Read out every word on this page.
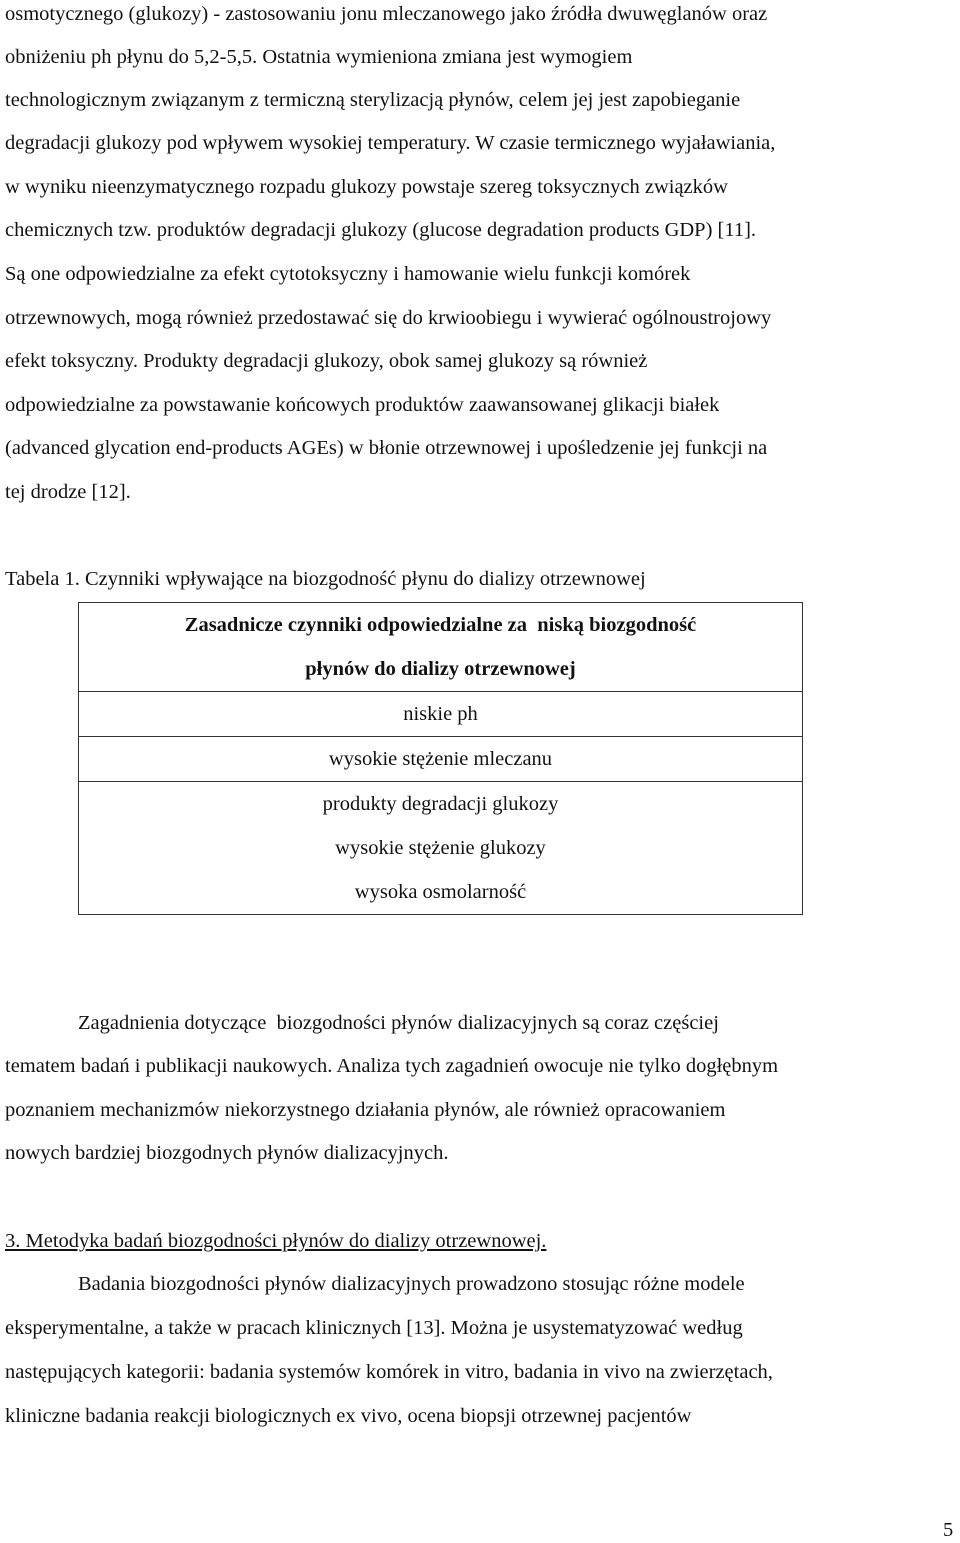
osmotycznego (glukozy) - zastosowaniu jonu mleczanowego jako źródła dwuwęglanów oraz

obniżeniu ph płynu do 5,2-5,5. Ostatnia wymieniona zmiana jest wymogiem

technologicznym związanym z termiczną sterylizacją płynów, celem jej jest zapobieganie

degradacji glukozy pod wpływem wysokiej temperatury. W czasie termicznego wyjaławiania,

w wyniku nieenzymatycznego rozpadu glukozy powstaje szereg toksycznych związków

chemicznych tzw. produktów degradacji glukozy (glucose degradation products GDP) [11].

Są one odpowiedzialne za efekt cytotoksyczny i hamowanie wielu funkcji komórek

otrzewnowych, mogą również przedostawać się do krwioobiegu i wywierać ogólnoustrojowy

efekt toksyczny. Produkty degradacji glukozy, obok samej glukozy są również

odpowiedzialne za powstawanie końcowych produktów zaawansowanej glikacji białek

(advanced glycation end-products AGEs) w błonie otrzewnowej i upośledzenie jej funkcji na

tej drodze [12].

Tabela 1. Czynniki wpływające na biozgodność płynu do dializy otrzewnowej

Zasadnicze czynniki odpowiedzialne za  niską biozgodność
płynów do dializy otrzewnowej
niskie ph
wysokie stężenie mleczanu

produkty degradacji glukozy
wysokie stężenie glukozy
wysoka osmolarność

Zagadnienia dotyczące  biozgodności płynów dializacyjnych są coraz częściej

tematem badań i publikacji naukowych. Analiza tych zagadnień owocuje nie tylko dogłębnym

poznaniem mechanizmów niekorzystnego działania płynów, ale również opracowaniem

nowych bardziej biozgodnych płynów dializacyjnych.

3. Metodyka badań biozgodności płynów do dializy otrzewnowej.

Badania biozgodności płynów dializacyjnych prowadzono stosując różne modele

eksperymentalne, a także w pracach klinicznych [13]. Można je usystematyzować według

następujących kategorii: badania systemów komórek in vitro, badania in vivo na zwierzętach,

kliniczne badania reakcji biologicznych ex vivo, ocena biopsji otrzewnej pacjentów

5
